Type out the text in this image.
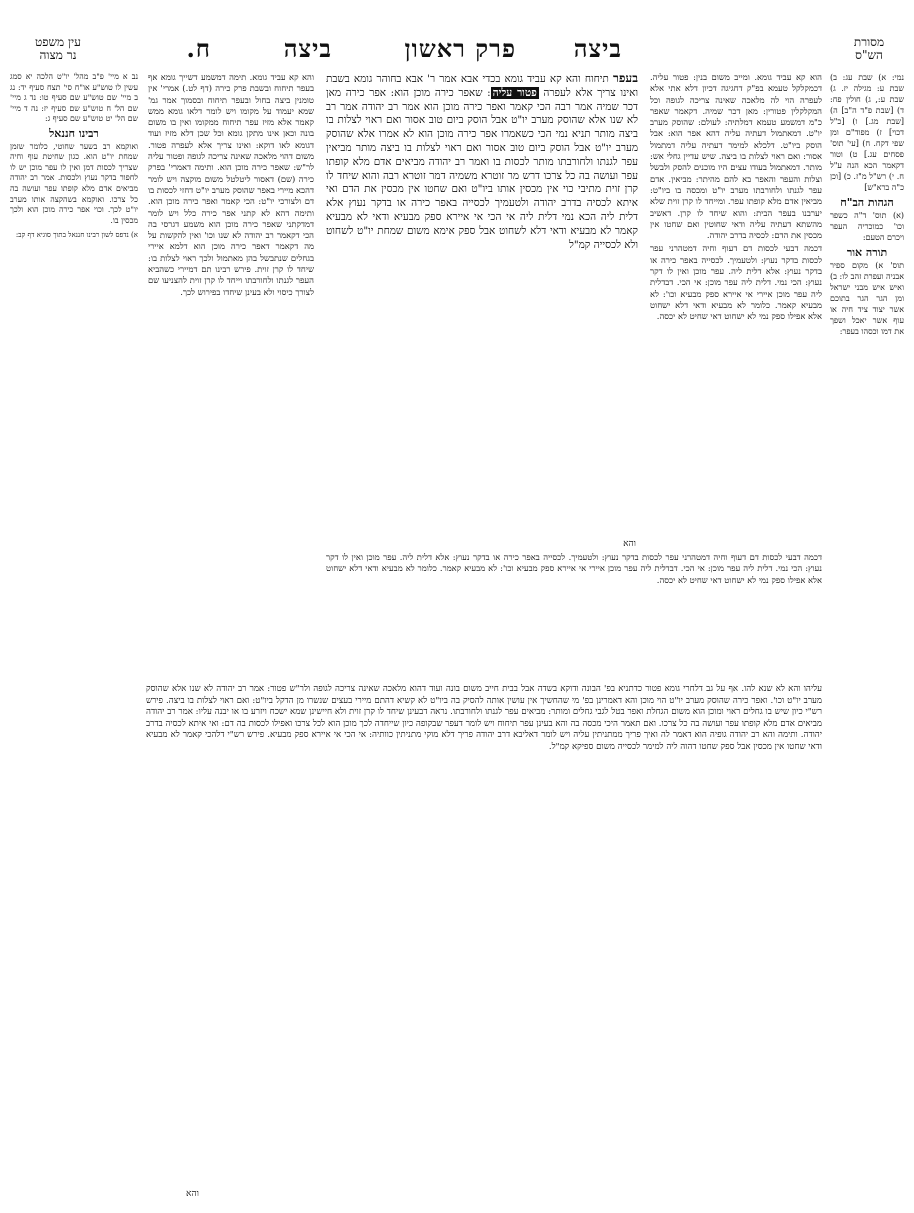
מסורת
הש"ס
ביצה
פרק ראשון
ביצה
ח.
עין משפט
נר מצוה

נמי: א) שבת עג: ב) שבת ע: מגילה יז. ג) שבת ע:, ג) חולין פח: ד) [שבת פ"ד ה"ב] ה) [שבת מג.] ו) [כ"ל דכוי] ז) מפוד"ם ומן שפי דקח. ח) [עי' תוס' פסחים עג.] ט) וטור דקאמר הכא הנה ע"ל ח. י) רש"ל מ"ז. כ) [וכן כ"ה ברא"ש]

הגהות הב"ח

(א) תוס' ד"ה כשפר וכו' כמוכריה העפר ויכרם הטעם:

תורה אור

תוס' א) מקום ספיר אבניה ועפרת זהב לו: ב) ואיש איש מבני ישראל ומן הגר הגר בתוכם אשר יצוד ציד חיה או עוף אשר יאכל ושפך את דמו וכסהו בעפר:

הוא קא עביד גומא. ומייב משום בנין: פטור עליה. דכמקלקל טעמא בפ"ק דחגיגה דכיון דלא אתי אלא לעפרה הוי לה מלאכה שאינה צריכה לגופה וכל המקלקלין פטורין: מאן דכר שמיה. דקאמר שאפר כ"מ דמשמע טעמא דמלתיה: לעולם: שהוסק מערב יו"ט. דמאתמול דעתיה עליה דהא אפר הוא: אבל הוסק ביו"ט. דלכלא למימר דעתיה עליה דמתמול אסור: ואם ראוי לצלות בו ביצה. שיש עדיין גחלי אש: מותר. דמאתמול בעודו עצים היו מוכנים להסק ולבשל וצלות והעפר והאפר בא להם מהיתר: מביאין. אדם עפר לגנתו ולחורבתו מערב יו"ט ומכסה בו ביו"ט: מביאין אדם מלא קופתו עפר. ומייחד לו קרן זוית שלא יערבנו בעפר הבית: והוא שיחד לו קרן. דאשיב מהשתא דעתיה עליה ודאי שחוטין ואם שחטו אין מכסין את הדם: לכסיה בדרב יהודה.

דכמה דבעי לכסות דם דעוף וחיה דמטהרני עפר לכסות בדקר נעוץ: ולטעמיך. לכסייה באפר כירה או בדקר נעוץ: אלא דלית ליה. עפר מוכן ואין לו דקר נעוץ: הכי נמי. דלית ליה עפר מוכן: אי הכי. דבדלית ליה עפר מוכן איירי אי איירא ספק מבעיא וכו': לא מבעיא קאמר. כלומר לא מבעיא ודאי דלא ישחוט אלא אפילו ספק נמי לא ישחוט דאי שחיט לא יכסה.

בעפר תיחוח והא קא עביד גומא בכדי אבא אמר ר' אבא בחוהר גומא בשבת ואינו צריך אלא לעפרה פטור עליה: שאפר כירה מוכן הוא: אפר כירה מאן דכר שמיה אמר רבה הכי קאמר ואפר כירה מוכן הוא אמר רב יהודה אמר רב לא שנו אלא שהוסק מערב יו"ט אבל הוסק ביום טוב אסור ואם ראוי לצלות בו ביצה מותר תניא נמי הכי כשאמרו אפר כירה מוכן הוא לא אמרו אלא שהוסק מערב יו"ט אבל הוסק ביום טוב אסור ואם ראוי לצלות בו ביצה מותר מביאין עפר לגנתו ולחורבתו מותר לכסות בו ואמר רב יהודה מביאים אדם מלא קופתו עפר ועושה בה כל צרכו דרש מר זוטרא משמיה דמר זוטרא רבה והוא שיחד לו קרן זוית מתיבי כוי אין מכסין אותו ביו"ט ואם שחטו אין מכסין את הדם ואי איתא לכסיה בדרב יהודה ולטעמיך לכסייה באפר כירה או בדקר נעוץ אלא דלית ליה הכא נמי דלית ליה אי הכי אי איירא ספק מבעיא ודאי לא מבעיא קאמר לא מבעיא ודאי דלא לשחוט אבל ספק אימא משום שמחת יו"ט לשחוט ולא לכסייה קמ"ל

והא

והא קא עביד גומא. תימה דמשמע דשייך גומא אף בעפר תיחוח ובשבת פרק כירה (דף לט.) אמרי' אין טומנין ביצה בחול ובעפר תיחוח ובסמוך אמר גמ' שמא יעמוד על מקומו ויש לומר דלאו גומא ממש קאמר אלא מזיז עפר תיחוח ממקומו ואין בו משום בונה וכאן אינו מתקן גומא וכל שכן דלא מזיז ועוד דגומא לאו דוקא: ואינו צריך אלא לעפרה פטור. משום דהוי מלאכה שאינה צריכה לגופה ופטור עליה לר"ש: שאפר כירה מוכן הוא. ותימה דאמרי' בפרק כירה (שם) דאסור ליטלטל משום מוקצה ויש לומר דהכא מיירי באפר שהוסק מערב יו"ט דחזי לכסות בו דם ולצורכי יו"ט: הכי קאמר ואפר כירה מוכן הוא. ותימה דהא לא קתני אפר כירה כלל ויש לומר דמדקתני שאפר כירה מוכן הוא משמע דגרסי בה הכי דקאמר רב יהודה לא שנו וכו' ואין להקשות על מה דקאמר דאפר כירה מוכן הוא דלמא איירי בגחלים שנתבשל בהן מאתמול ולכך ראוי לצלות בו: שיחד לו קרן זוית. פירש רבינו תם דמיירי כשהביא העפר לגנתו ולחורבתו וייחד לו קרן זוית להצניעו שם לצורך כיסוי ולא בעינן שיחדו בפירוש לכך.

נב א מיי' פ"ב מהל' יו"ט הלכה יא סמג עשין לו טוש"ע או"ח סי' תצח סעיף יד: נג ב מיי' שם טוש"ע שם סעיף טו: נד ג מיי' שם הל' ח טוש"ע שם סעיף יז: נה ד מיי' שם הל' יט טוש"ע שם סעיף ג:

רבינו חננאל

ואוקמא רב בשער שחוטי, כלומר שזמן שמחת יו"ט הוא. כגון שחיטת עוף וחיה שצריך לכסות דמן ואין לו עפר מוכן יש לו לחפור בדקר נעוץ ולכסות. אמר רב יהודה מביאים אדם מלא קופתו עפר ועושה בה כל צרכו. ואוקמא בשהקצה אותו מערב יו"ט לכך. וכוי אפר כירה מוכן הוא ולכך מכסין בו.

א) נדפס לשון רבינו חננאל בתוך סוגיא דף קב:

דכמה דבעי לכסות דם דעוף וחיה דמטהרני עפר לכסות בדקר נעוץ: ולטעמיך. לכסייה באפר כירה או בדקר נעוץ: אלא דלית ליה. עפר מוכן ואין לו דקר נעוץ: הכי נמי. דלית ליה עפר מוכן: אי הכי. דבדלית ליה עפר מוכן איירי אי איירא ספק מבעיא וכו': לא מבעיא קאמר. כלומר לא מבעיא ודאי דלא ישחוט אלא אפילו ספק נמי לא ישחוט דאי שחיט לא יכסה.

עליהו והא לא שנא להו. אף על גב דלחרי גומא פטור כדתניא בפ' הבונה ודוקא בשדה אבל בבית חייב משום בונה ועוד דהוא מלאכה שאינה צריכה לגופה ולר"ש פטור: אמר רב יהודה לא שנו אלא שהוסק מערב יו"ט וכו'. ואפר כירה שהוסק מערב יו"ט הוי מוכן והא דאמרינן בפ' מי שהחשיך אין עושין אותה להסיק בה ביו"ט לא קשיא דהתם מיירי בעצים שנשרו מן הדקל ביו"ט: ואם ראוי לצלות בו ביצה. פירש רש"י כיון שיש בו גחלים ראוי ומוכן הוא משום הגחלת ואפר בטל לגבי גחלים ומותר: מביאים עפר לגנתו ולחורבתו. נראה דבעינן שיחד לו קרן זוית ולא חיישינן שמא ישכח ויזרע בו או יבנה עליו: אמר רב יהודה מביאים אדם מלא קופתו עפר ועושה בה כל צרכו. ואם תאמר היכי מכסה בה והא בעינן עפר תיחוח ויש לומר דעפר שבקופה כיון שייחדה לכך מוכן הוא לכל צרכו ואפילו לכסות בה דם: ואי איתא לכסיה בדרב יהודה. ותימה והא רב יהודה גופיה הוא דאמר לה ואיך פריך ממתניתין עליה ויש לומר דאליבא דרב יהודה פריך דלא מוקי מתניתין כוותיה: אי הכי אי איירא ספק מבעיא. פירש רש"י דלהכי קאמר לא מבעיא ודאי שחטו אין מכסין אבל ספק שחטו דהוה ליה למימר לכסייה משום ספיקא קמ"ל.

והא
